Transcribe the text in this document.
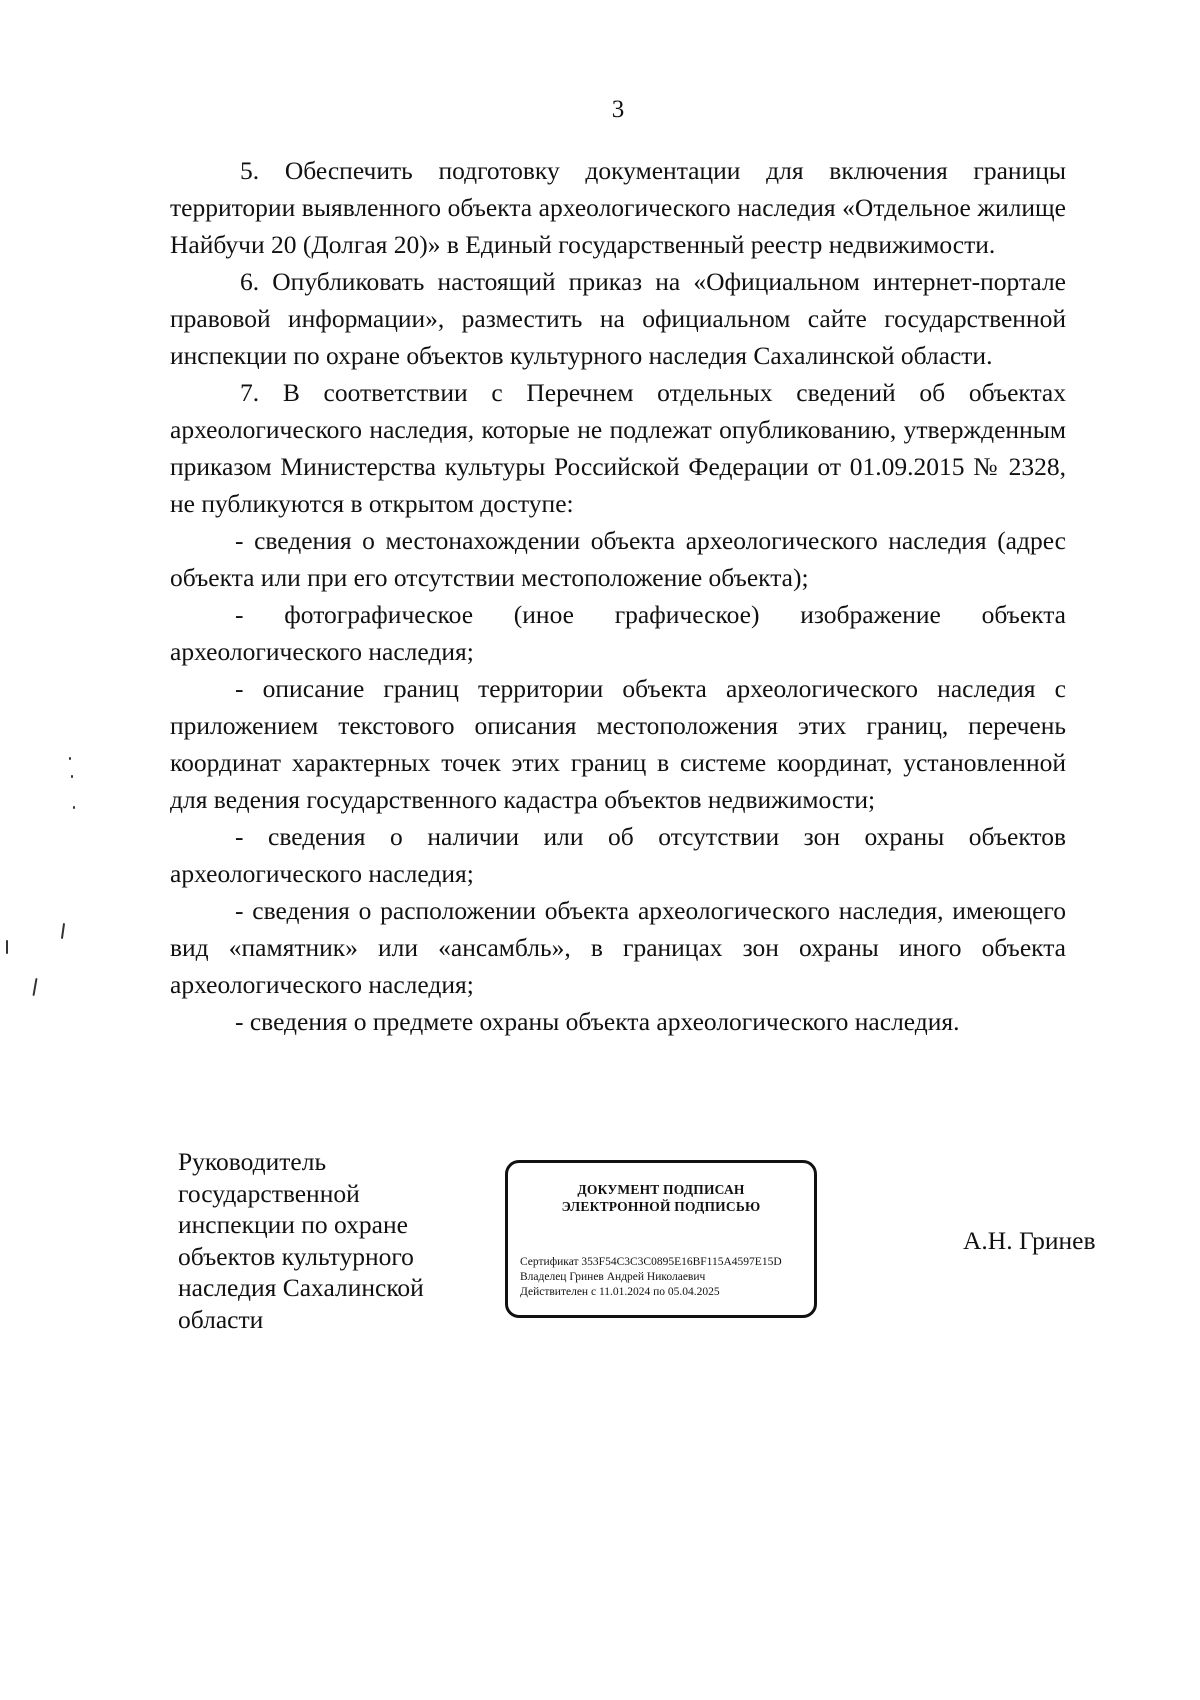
3

5. Обеспечить подготовку документации для включения границы территории выявленного объекта археологического наследия «Отдельное жилище Найбучи 20 (Долгая 20)» в Единый государственный реестр недвижимости.

6. Опубликовать настоящий приказ на «Официальном интернет-портале правовой информации», разместить на официальном сайте государственной инспекции по охране объектов культурного наследия Сахалинской области.

7. В соответствии с Перечнем отдельных сведений об объектах археологического наследия, которые не подлежат опубликованию, утвержденным приказом Министерства культуры Российской Федерации от 01.09.2015 № 2328, не публикуются в открытом доступе:

- сведения о местонахождении объекта археологического наследия (адрес объекта или при его отсутствии местоположение объекта);

- фотографическое (иное графическое) изображение объекта археологического наследия;

- описание границ территории объекта археологического наследия с приложением текстового описания местоположения этих границ, перечень координат характерных точек этих границ в системе координат, установленной для ведения государственного кадастра объектов недвижимости;

- сведения о наличии или об отсутствии зон охраны объектов археологического наследия;

- сведения о расположении объекта археологического наследия, имеющего вид «памятник» или «ансамбль», в границах зон охраны иного объекта археологического наследия;

- сведения о предмете охраны объекта археологического наследия.

Руководитель
государственной
инспекции по охране
объектов культурного
наследия Сахалинской
области
ДОКУМЕНТ ПОДПИСАН
ЭЛЕКТРОННОЙ ПОДПИСЬЮ
Сертификат 353F54C3C3C0895E16BF115A4597E15D
Владелец Гринев Андрей Николаевич
Действителен с 11.01.2024 по 05.04.2025
А.Н. Гринев
